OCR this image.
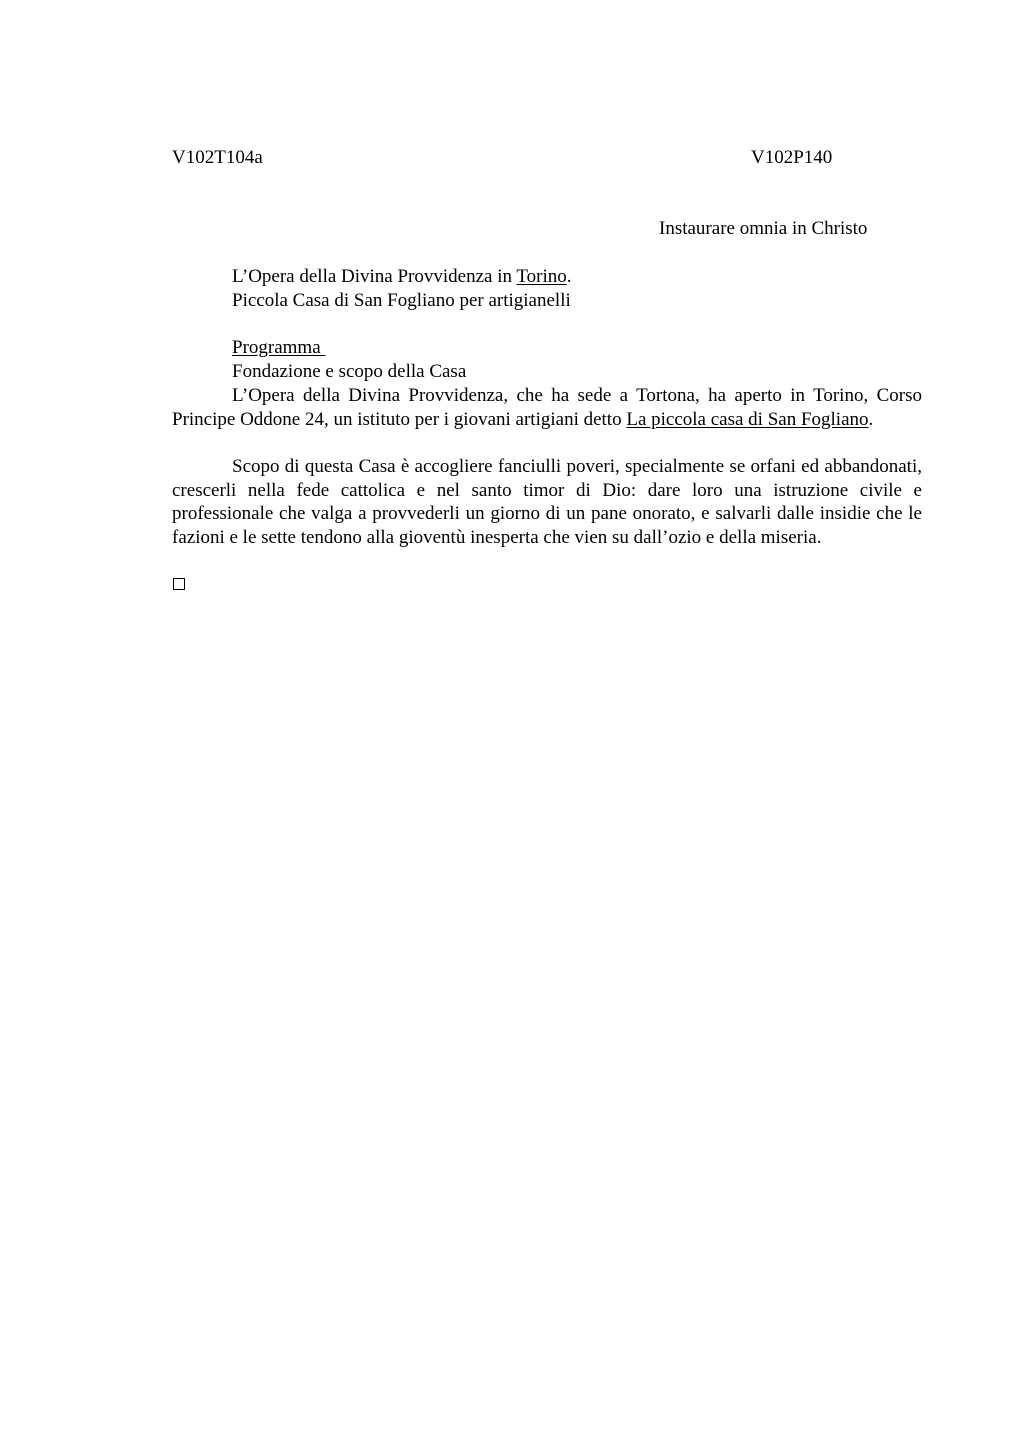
V102T104a	V102P140
Instaurare omnia in Christo
L’Opera della Divina Provvidenza in Torino.
Piccola Casa di San Fogliano per artigianelli
Programma
Fondazione e scopo della Casa
L’Opera della Divina Provvidenza, che ha sede a Tortona, ha aperto in Torino, Corso Principe Oddone 24, un istituto per i giovani artigiani detto La piccola casa di San Fogliano.
Scopo di questa Casa è accogliere fanciulli poveri, specialmente se orfani ed abbandonati, crescerli nella fede cattolica e nel santo timor di Dio: dare loro una istruzione civile e professionale che valga a provvederli un giorno di un pane onorato, e salvarli dalle insidie che le fazioni e le sette tendono alla gioventù inesperta che vien su dall’ozio e della miseria.
